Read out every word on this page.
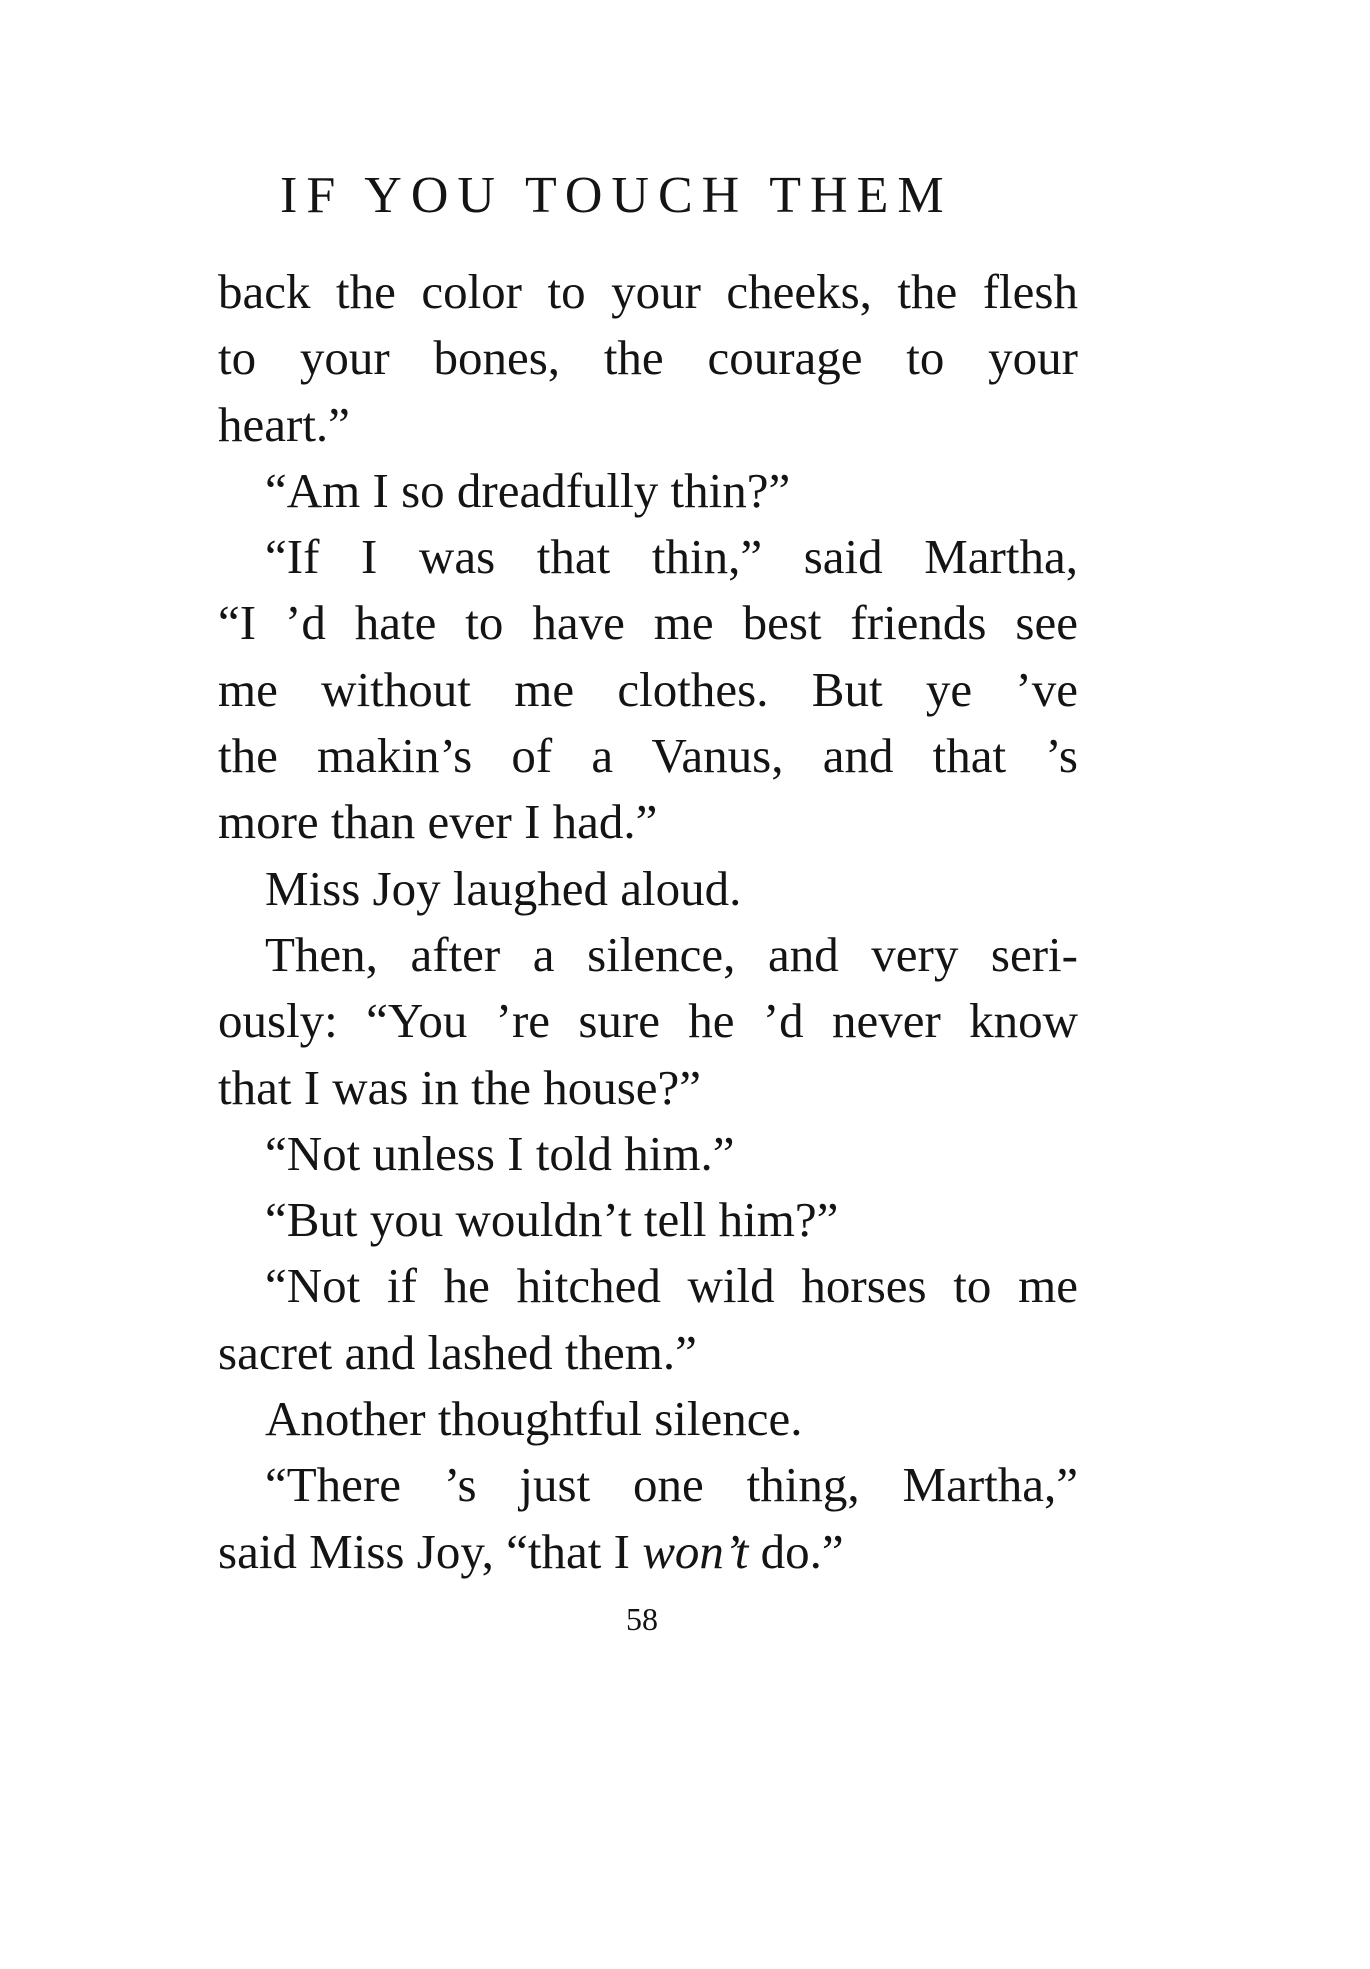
IF YOU TOUCH THEM
back the color to your cheeks, the flesh
to your bones, the courage to your
heart.”
“Am I so dreadfully thin?”
“If I was that thin,” said Martha,
“I ’d hate to have me best friends see
me without me clothes. But ye ’ve
the makin’s of a Vanus, and that ’s
more than ever I had.”
Miss Joy laughed aloud.
Then, after a silence, and very seri-
ously: “You ’re sure he ’d never know
that I was in the house?”
“Not unless I told him.”
“But you wouldn’t tell him?”
“Not if he hitched wild horses to me
sacret and lashed them.”
Another thoughtful silence.
“There ’s just one thing, Martha,”
said Miss Joy, “that I won’t do.”
58
